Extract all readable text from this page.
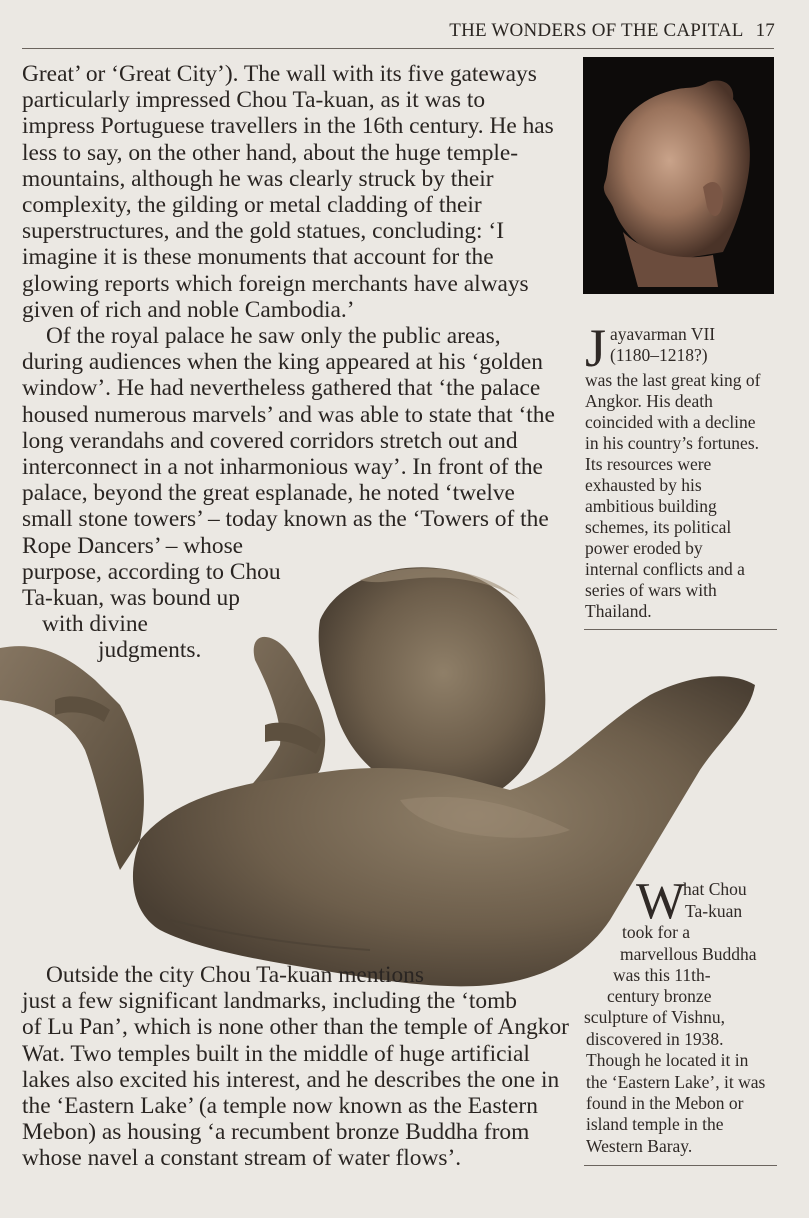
THE WONDERS OF THE CAPITAL 17
Great’ or ‘Great City’). The wall with its five gateways
particularly impressed Chou Ta-kuan, as it was to
impress Portuguese travellers in the 16th century. He has
less to say, on the other hand, about the huge temple-
mountains, although he was clearly struck by their
complexity, the gilding or metal cladding of their
superstructures, and the gold statues, concluding: ‘I
imagine it is these monuments that account for the
glowing reports which foreign merchants have always
given of rich and noble Cambodia.’
Of the royal palace he saw only the public areas,
during audiences when the king appeared at his ‘golden
window’. He had nevertheless gathered that ‘the palace
housed numerous marvels’ and was able to state that ‘the
long verandahs and covered corridors stretch out and
interconnect in a not inharmonious way’. In front of the
palace, beyond the great esplanade, he noted ‘twelve
small stone towers’ – today known as the ‘Towers of the
Rope Dancers’ – whose
purpose, according to Chou
Ta-kuan, was bound up
with divine
judgments.
Outside the city Chou Ta-kuan mentions
just a few significant landmarks, including the ‘tomb
of Lu Pan’, which is none other than the temple of Angkor
Wat. Two temples built in the middle of huge artificial
lakes also excited his interest, and he describes the one in
the ‘Eastern Lake’ (a temple now known as the Eastern
Mebon) as housing ‘a recumbent bronze Buddha from
whose navel a constant stream of water flows’.
J ayavarman VII
(1180–1218?)
was the last great king of
Angkor. His death
coincided with a decline
in his country’s fortunes.
Its resources were
exhausted by his
ambitious building
schemes, its political
power eroded by
internal conflicts and a
series of wars with
Thailand.
W
hat Chou
Ta-kuan
took for a
marvellous Buddha
was this 11th-
century bronze
sculpture of Vishnu,
discovered in 1938.
Though he located it in
the ‘Eastern Lake’, it was
found in the Mebon or
island temple in the
Western Baray.
